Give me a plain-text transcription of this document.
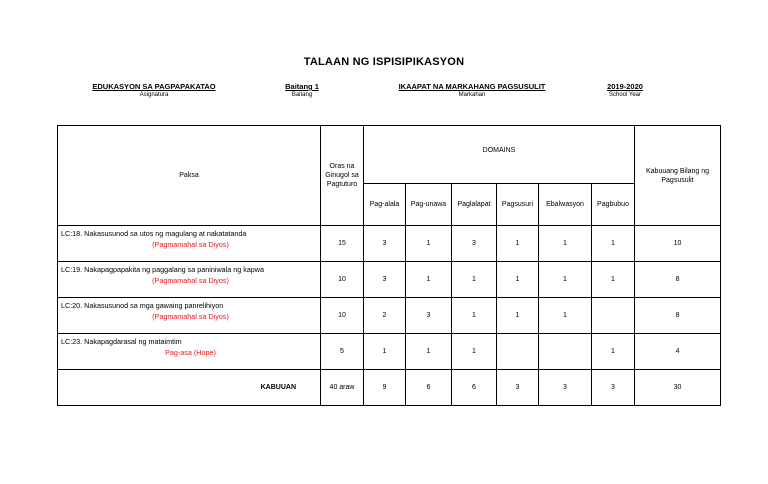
TALAAN NG ISPISIPIKASYON
EDUKASYON SA PAGPAPAKATAO
Asignatura
Baitang 1
Baitang
IKAAPAT NA MARKAHANG PAGSUSULIT
Markahan
2019-2020
School Year
Paksa	Oras na Ginugol sa Pagtuturo	DOMAINS						Kabuuang Bilang ng Pagsusulit
		Pag-alala	Pag-unawa	Paglalapat	Pagsusuri	Ebalwasyon	Pagbubuo	

LC:18. Nakasusunod sa utos ng magulang at nakatatanda
(Pagmamahal sa Diyos)	15	3	1	3	1	1	1	10

LC:19. Nakapagpapakita ng paggalang sa paniniwala ng kapwa
(Pagmamahal sa Diyos)	10	3	1	1	1	1	1	8

LC:20. Nakasusunod sa mga gawaing panrelihiyon
(Pagmamahal sa Diyos)	10	2	3	1	1	1		8

LC:23. Nakapagdarasal ng mataimtim
Pag-asa (Hope)	5	1	1	1			1	4
KABUUAN	40 araw	9	6	6	3	3	3	30
